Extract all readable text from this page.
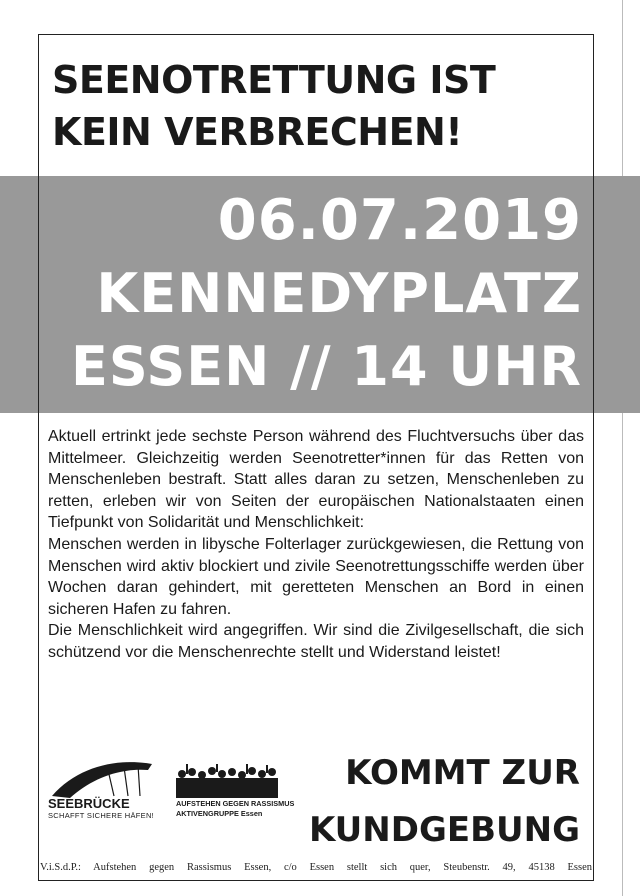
SEENOTRETTUNG IST
KEIN VERBRECHEN!
06.07.2019
KENNEDYPLATZ
ESSEN // 14 UHR

Aktuell ertrinkt jede sechste Person während des Fluchtversuchs über das Mittelmeer. Gleichzeitig werden Seenotretter*innen für das Retten von Menschenleben bestraft. Statt alles daran zu setzen, Menschenleben zu retten, erleben wir von Seiten der europäischen Nationalstaaten einen Tiefpunkt von Solidarität und Menschlichkeit:

Menschen werden in libysche Folterlager zurückgewiesen, die Rettung von Menschen wird aktiv blockiert und zivile Seenotrettungsschiffe werden über Wochen daran gehindert, mit geretteten Menschen an Bord in einen sicheren Hafen zu fahren.

Die Menschlichkeit wird angegriffen. Wir sind die Zivilgesellschaft, die sich schützend vor die Menschenrechte stellt und Widerstand leistet!

SEEBRÜCKE
SCHAFFT SICHERE HÄFEN!
AUFSTEHEN GEGEN RASSISMUS
AKTIVENGRUPPE Essen
KOMMT ZUR
KUNDGEBUNG
V.i.S.d.P.: Aufstehen gegen Rassismus Essen, c/o Essen stellt sich quer, Steubenstr. 49, 45138 Essen
